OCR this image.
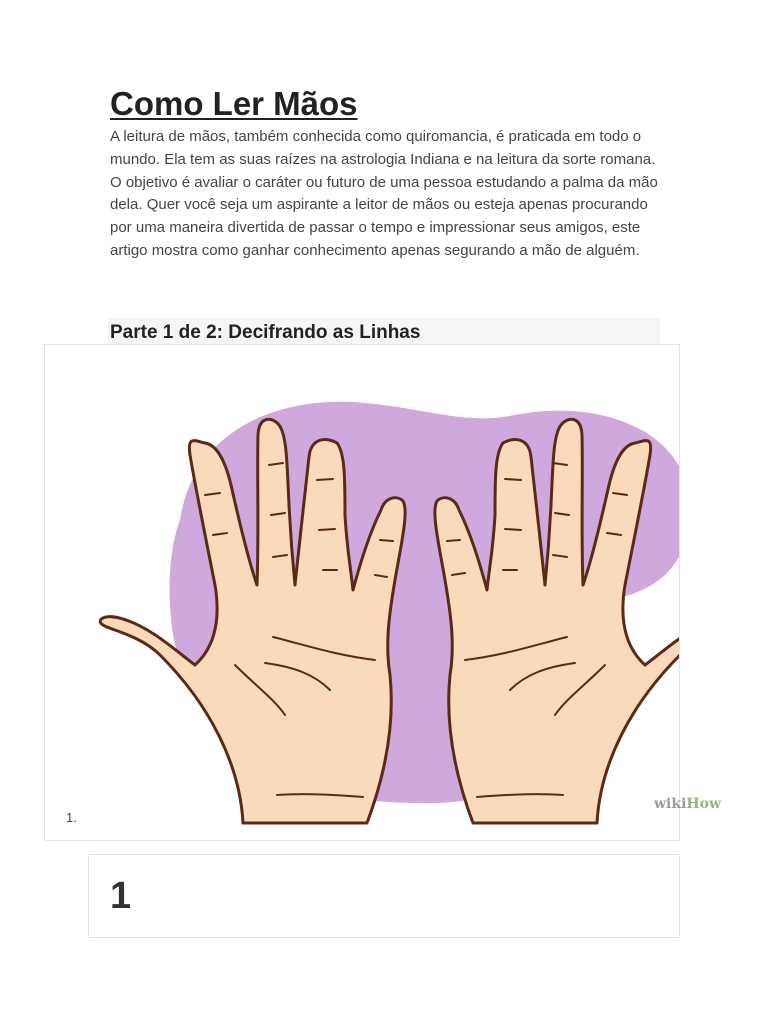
Como Ler Mãos

A leitura de mãos, também conhecida como quiromancia, é praticada em todo o mundo. Ela tem as suas raízes na astrologia Indiana e na leitura da sorte romana. O objetivo é avaliar o caráter ou futuro de uma pessoa estudando a palma da mão dela. Quer você seja um aspirante a leitor de mãos ou esteja apenas procurando por uma maneira divertida de passar o tempo e impressionar seus amigos, este artigo mostra como ganhar conhecimento apenas segurando a mão de alguém.

Parte 1 de 2: Decifrando as Linhas
1.
wikiHow
1
